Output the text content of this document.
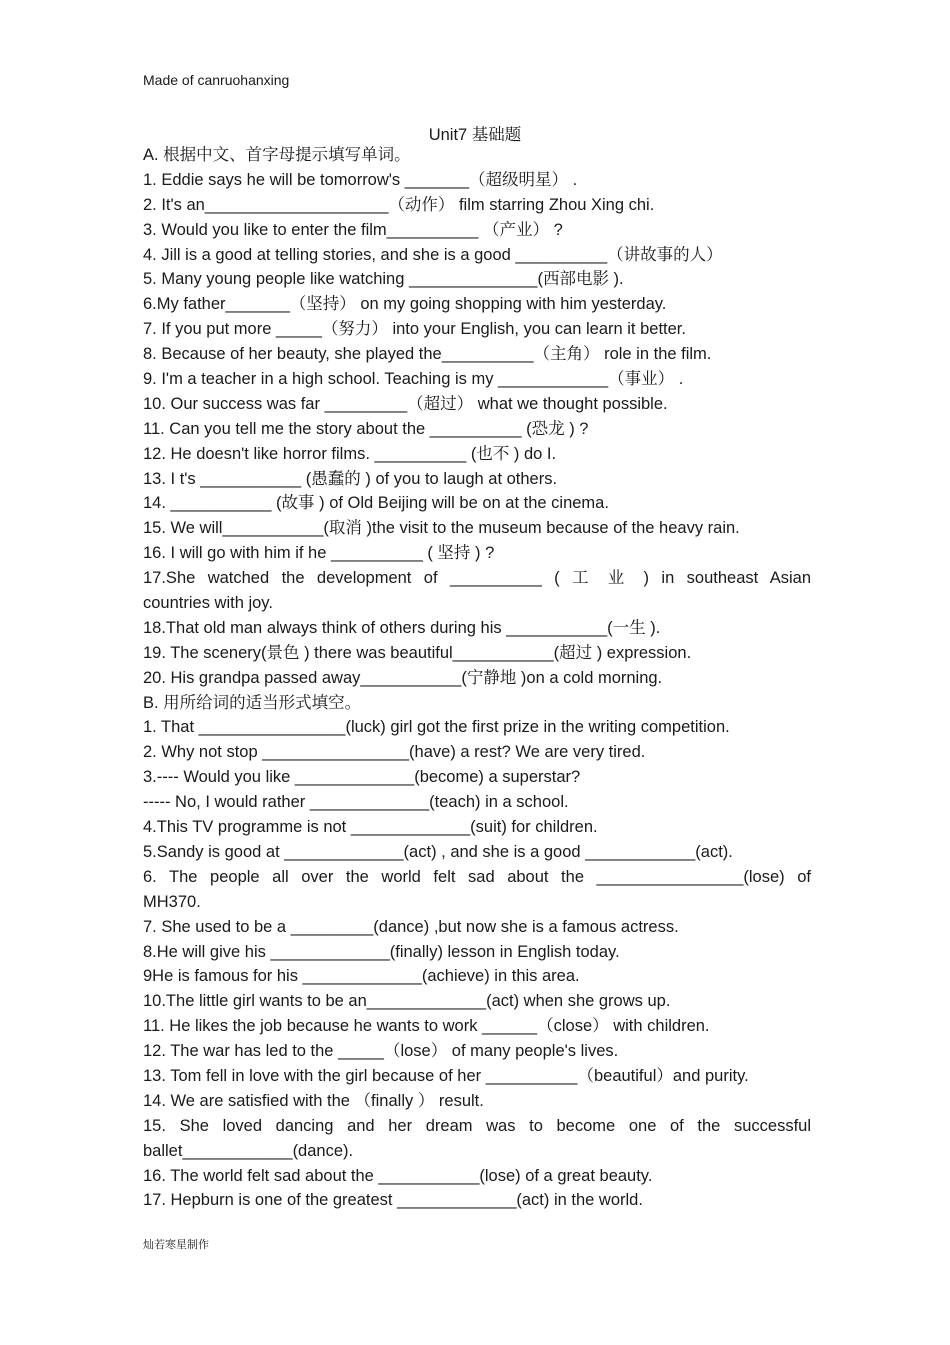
Made of canruohanxing
Unit7 基础题
A. 根据中文、首字母提示填写单词。
1. Eddie says he will be tomorrow's _______（超级明星） .
2. It's an____________________（动作） film starring Zhou Xing chi.
3. Would you like to enter the film__________ （产业） ?
4. Jill is a good at telling stories, and she is a good __________（讲故事的人）
5. Many young people like watching ______________(西部电影 ).
6.My father_______（坚持） on my going shopping with him yesterday.
7. If you put more _____（努力） into your English, you can learn it better.
8. Because of her beauty, she played the__________（主角） role in the film.
9. I'm a teacher in a high school. Teaching is my ____________（事业） .
10. Our success was far _________（超过） what we thought possible.
11. Can you tell me the story about the __________ (恐龙 ) ?
12. He doesn't like horror films. __________ (也不 ) do I.
13. I t's ___________ (愚蠢的 ) of you to laugh at others.
14. ___________ (故事 ) of Old Beijing will be on at the cinema.
15. We will___________(取消 )the visit to the museum because of the heavy rain.
16. I will go with him if he __________ ( 坚持 ) ?
17.She watched the development of __________ ( 工 业 ) in southeast Asian
countries with joy.
18.That old man always think of others during his ___________(一生 ).
19. The scenery(景色 ) there was beautiful___________(超过 ) expression.
20. His grandpa passed away___________(宁静地 )on a cold morning.
B. 用所给词的适当形式填空。
1. That ________________(luck) girl got the first prize in the writing competition.
2. Why not stop ________________(have) a rest? We are very tired.
3.---- Would you like _____________(become) a superstar?
----- No, I would rather _____________(teach) in a school.
4.This TV programme is not _____________(suit) for children.
5.Sandy is good at _____________(act) , and she is a good ____________(act).
6. The people all over the world felt sad about the ________________(lose) of
MH370.
7. She used to be a _________(dance) ,but now she is a famous actress.
8.He will give his _____________(finally) lesson in English today.
9He is famous for his _____________(achieve) in this area.
10.The little girl wants to be an_____________(act) when she grows up.
11. He likes the job because he wants to work ______（close） with children.
12. The war has led to the _____（lose） of many people's lives.
13. Tom fell in love with the girl because of her __________（beautiful）and purity.
14. We are satisfied with the （finally ） result.
15. She loved dancing and her dream was to become one of the successful
ballet____________(dance).
16. The world felt sad about the ___________(lose) of a great beauty.
17. Hepburn is one of the greatest _____________(act) in the world.
灿若寒星制作
